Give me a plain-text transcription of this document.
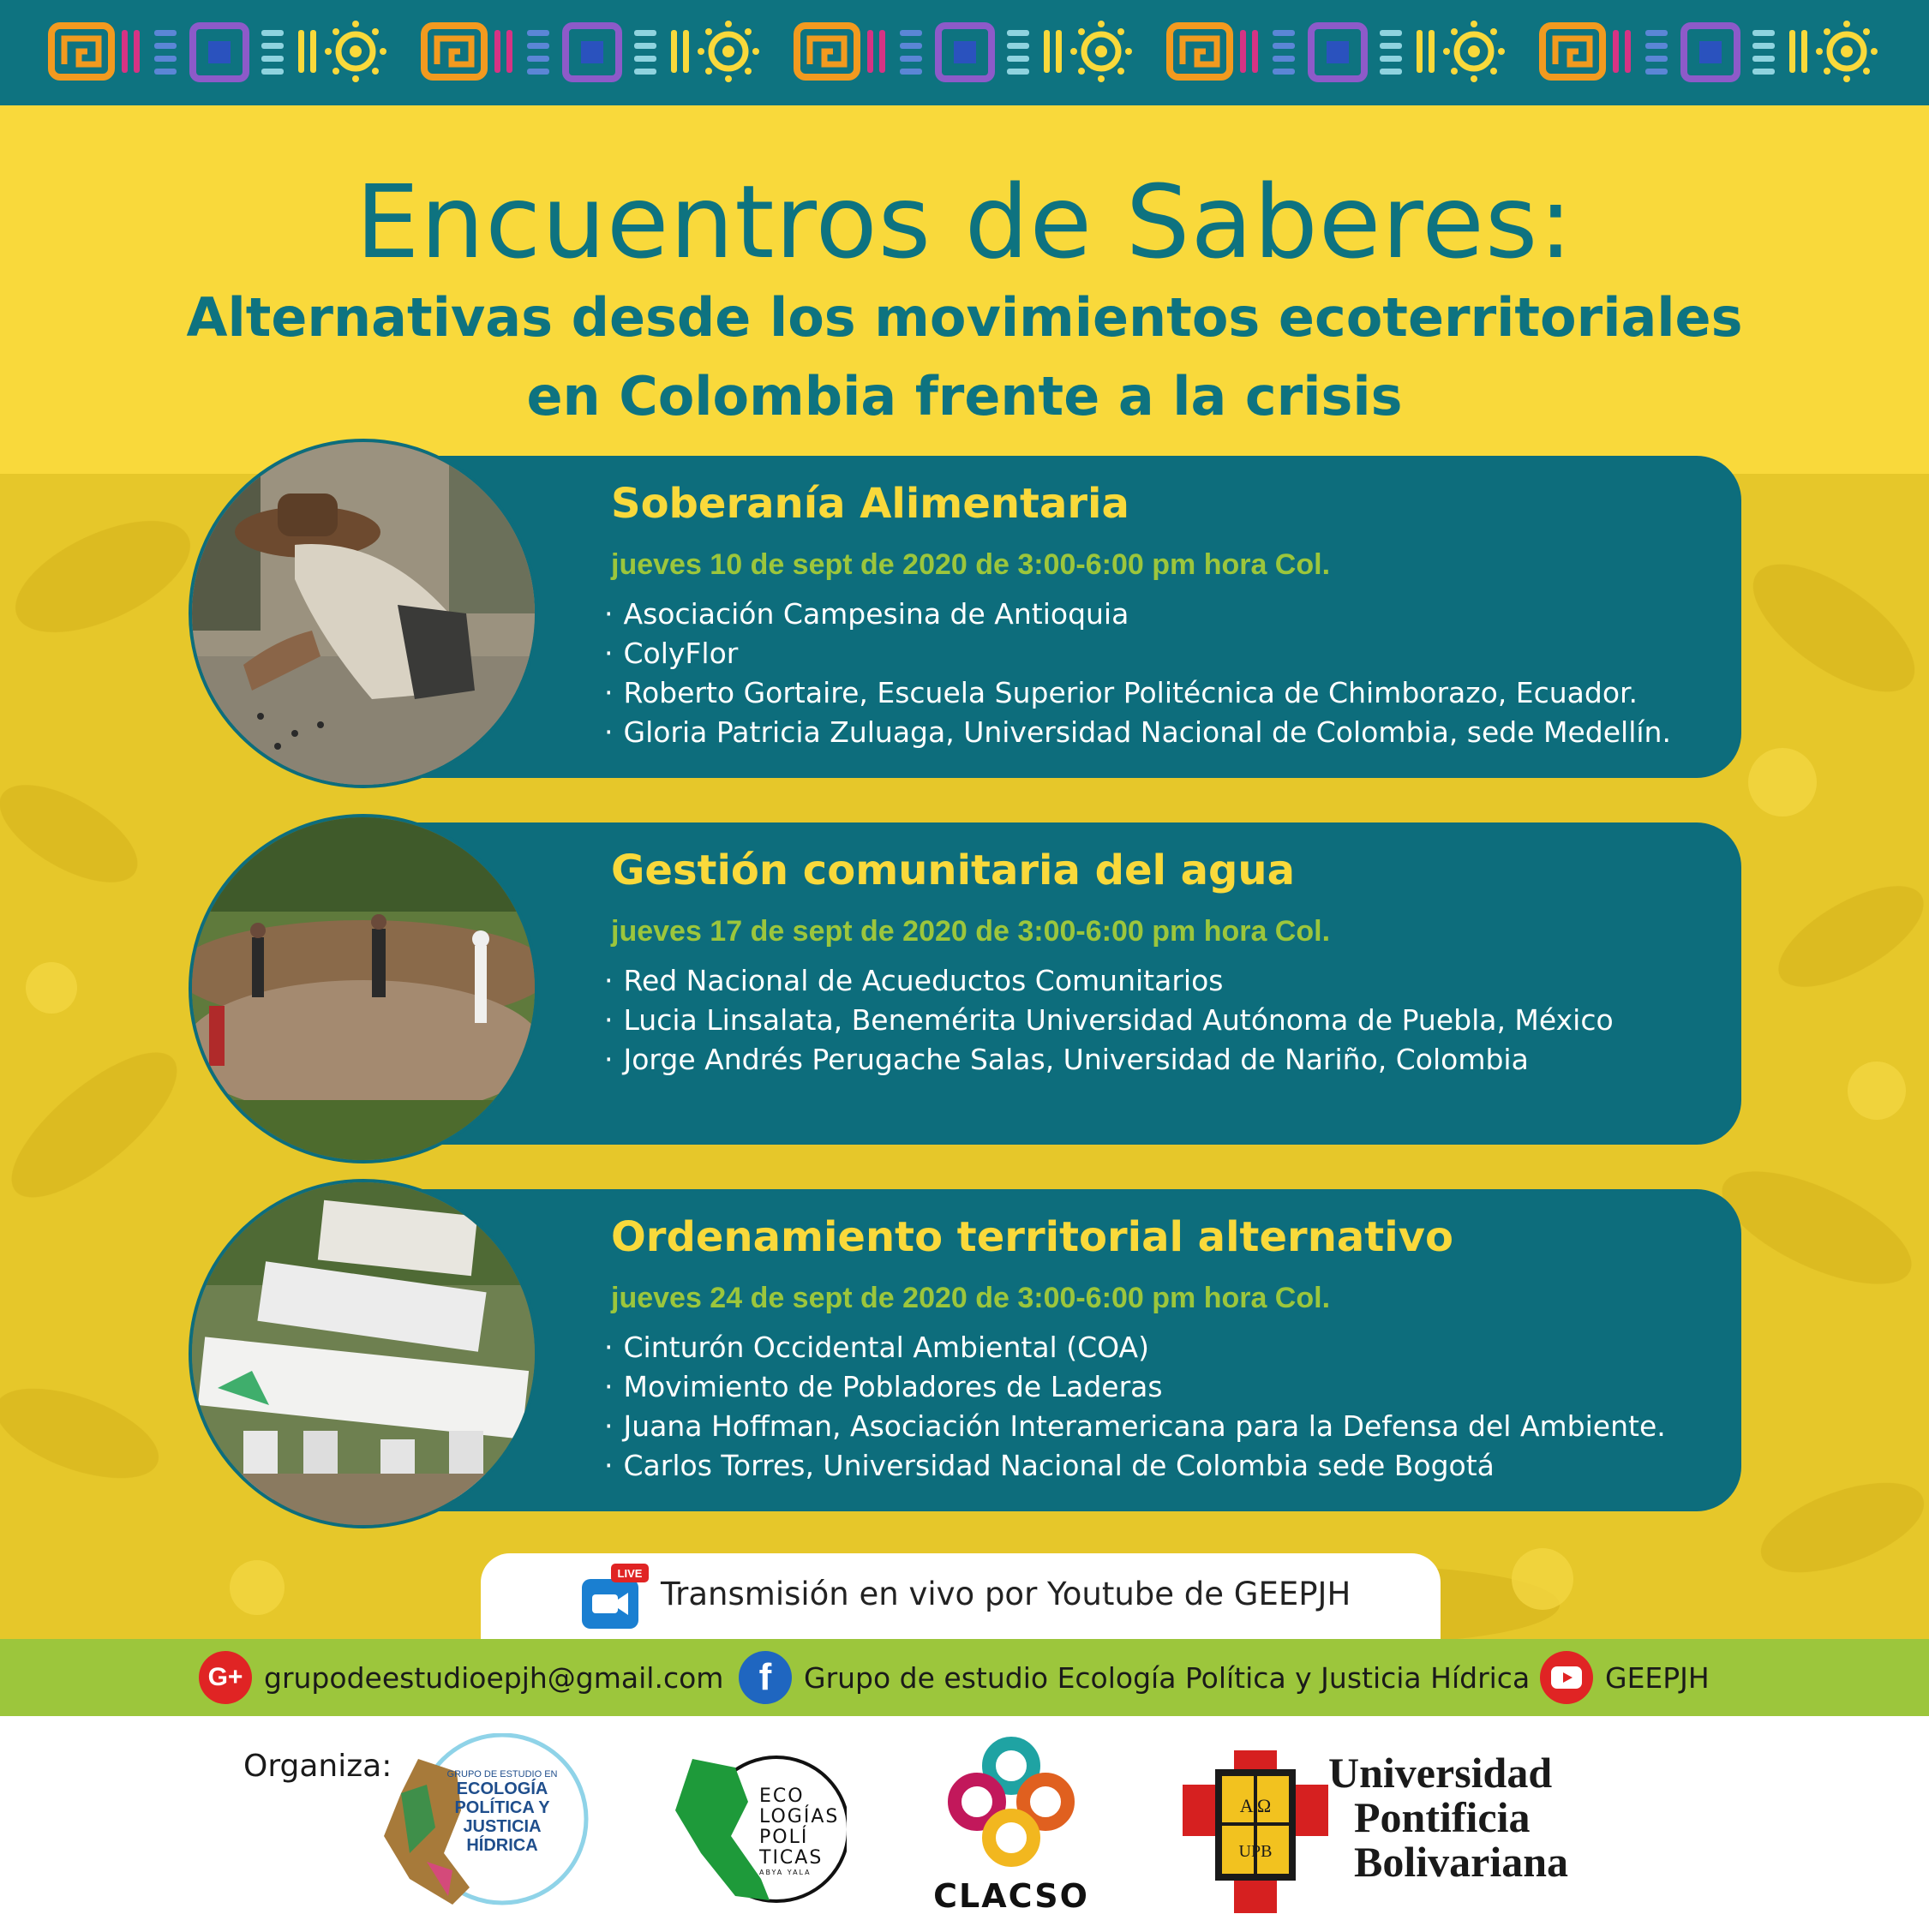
Encuentros de Saberes:
Alternativas desde los movimientos ecoterritoriales
en Colombia frente a la crisis
Soberanía Alimentaria

jueves 10 de sept de 2020 de 3:00-6:00 pm hora Col.

· Asociación Campesina de Antioquia
· ColyFlor
· Roberto Gortaire, Escuela Superior Politécnica de Chimborazo, Ecuador.
· Gloria Patricia Zuluaga, Universidad Nacional de Colombia, sede Medellín.
Gestión comunitaria del agua

jueves 17 de sept de 2020 de 3:00-6:00 pm hora Col.

· Red Nacional de Acueductos Comunitarios
· Lucia Linsalata, Benemérita Universidad Autónoma de Puebla, México
· Jorge Andrés Perugache Salas, Universidad de Nariño, Colombia
Ordenamiento territorial alternativo

jueves 24 de sept de 2020 de 3:00-6:00 pm hora Col.

· Cinturón Occidental Ambiental (COA)
· Movimiento de Pobladores de Laderas
· Juana Hoffman, Asociación Interamericana para la Defensa del Ambiente.
· Carlos Torres, Universidad Nacional de Colombia sede Bogotá
LIVE
Transmisión en vivo por Youtube de GEEPJH
G+ grupodeestudioepjh@gmail.com f	Grupo de estudio Ecología Política y Justicia Hídrica	GEEPJH
Organiza:	GRUPO DE ESTUDIO EN
ECOLOGÍA
POLÍTICA Y
JUSTICIA
HÍDRICA
ECO
LOGÍAS
POLÍ
TICAS
ABYA YALA
CLACSO
A Ω
UPB
Universidad
Pontificia
Bolivariana
